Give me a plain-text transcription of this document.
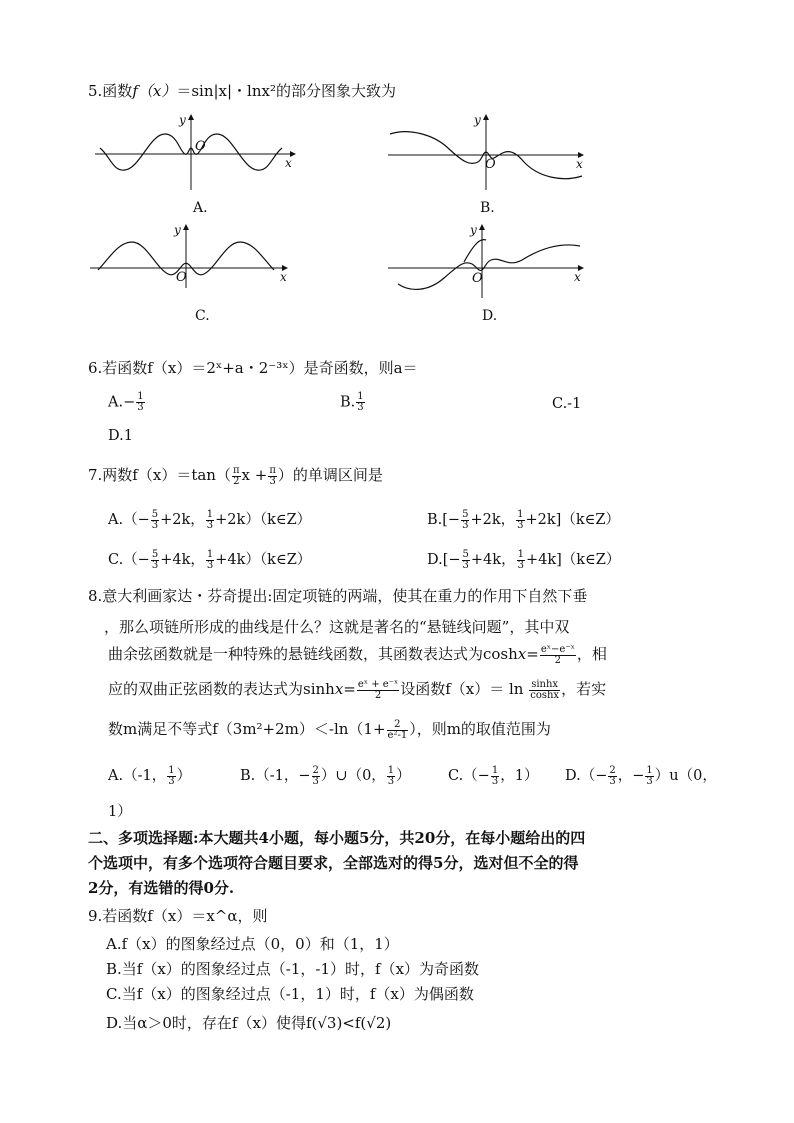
5.函数f（x）＝sin|x|・lnx²的部分图象大致为
y
O
x
A.
y
O	x
B.
y
O	x
C.
y
O	x
D.
6.若函数f（x）＝2ˣ+a・2⁻³ˣ）是奇函数，则a＝
$A.- \frac{1}{3}$	B. $\frac{1}{3}$	C.-1
D.1
7.两数$f(x)=\tan( \frac{\pi}{2}$ $x + \frac{\pi}{3}$ ）的单调区间是
$A.(- \frac{5}{3} +2k$， $\frac{1}{3}$ +2k）（k∈Z）	$B.[- \frac{5}{3} +2k$， $\frac{1}{3}$ +2k]（k∈Z）
$C.(- \frac{5}{3} +4k$， $\frac{1}{3}$ +4k）（k∈Z）	$D.[- \frac{5}{3} +4k$， $\frac{1}{3}$ +4k]（k∈Z）
8.意大利画家达・芬奇提出:固定项链的两端，使其在重力的作用下自然下垂
，那么项链所形成的曲线是什么？这就是著名的“悬链线问题”，其中双
曲余弦函数就是一种特殊的悬链线函数，其函数表达式为$\cosh x= \frac{\text{eˣ−e⁻ˣ}}{2}$ ，相
应的双曲正弦函数的表达式为$\sinh x= \frac{\text{eˣ + e⁻ˣ}}{2}$ 设函数$f(x)= \ln \frac{\sinh x}{\cosh x}$ ，若实
数m满足不等式$f(3m^2+2m)<-\ln(1+ \frac{2}{\text{e²-1}}$ ），则m的取值范围为
A.（-1， $\frac{1}{3}$ ）	B.（-1，− $\frac{2}{3}$ ）∪（0， $\frac{1}{3}$ ）	$C.(- \frac{1}{3}$ ，1） $D.(- \frac{2}{3}$ ，− $\frac{1}{3} )u(0$，
1）
二、多项选择题:本大题共4小题，每小题5分，共20分，在每小题给出的四
个选项中，有多个选项符合题目要求，全部选对的得5分，选对但不全的得
2分，有选错的得0分.
9.若函数f（x）＝x^α，则
A.f（x）的图象经过点（0，0）和（1，1）
B.当f（x）的图象经过点（-1，-1）时，f（x）为奇函数
C.当f（x）的图象经过点（-1，1）时，f（x）为偶函数
D.当α＞0时，存在f（x）使得f(√3)<f(√2)
